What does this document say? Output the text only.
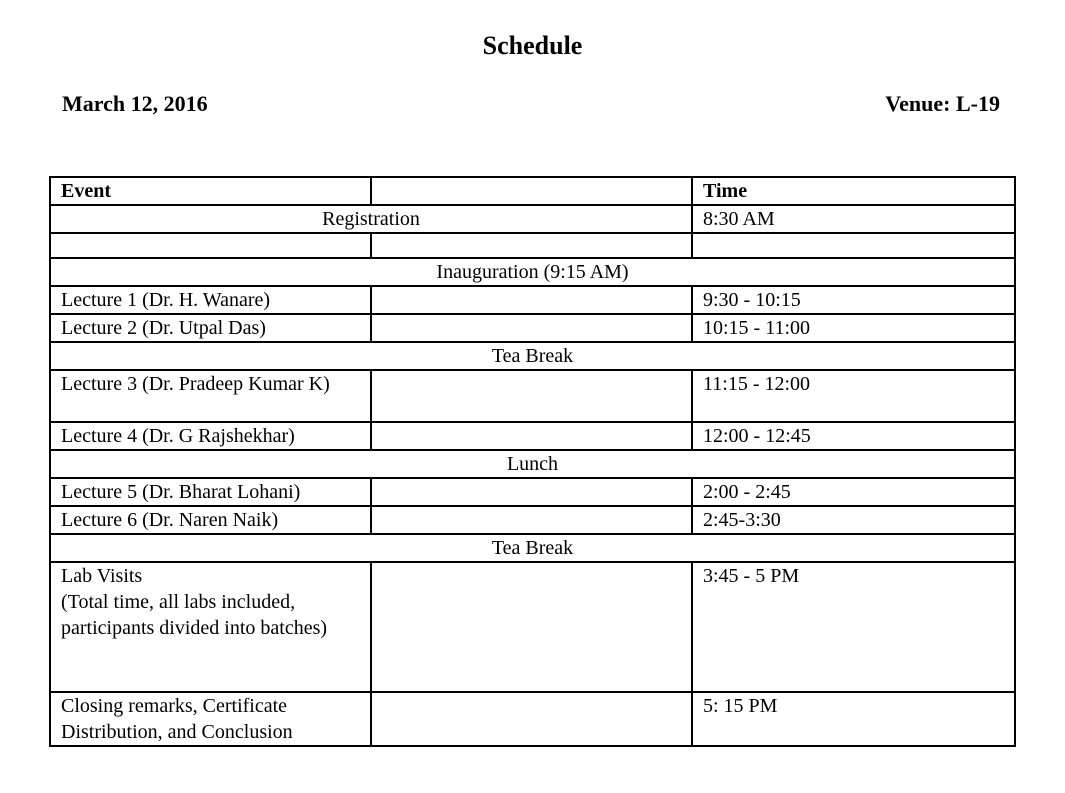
Schedule
March 12, 2016	Venue: L-19
Event		Time
Registration		8:30 AM

Inauguration (9:15 AM)		
Lecture 1 (Dr. H. Wanare)		9:30 - 10:15
Lecture 2 (Dr. Utpal Das)		10:15 - 11:00
Tea Break		
Lecture 3 (Dr. Pradeep Kumar K)		11:15 - 12:00
Lecture 4 (Dr. G Rajshekhar)		12:00 - 12:45
Lunch		
Lecture 5 (Dr. Bharat Lohani)		2:00 - 2:45
Lecture 6 (Dr. Naren Naik)		2:45-3:30
Tea Break		
Lab Visits
(Total time, all labs included, participants divided into batches)		3:45 - 5 PM
Closing remarks, Certificate Distribution, and Conclusion		5: 15 PM
